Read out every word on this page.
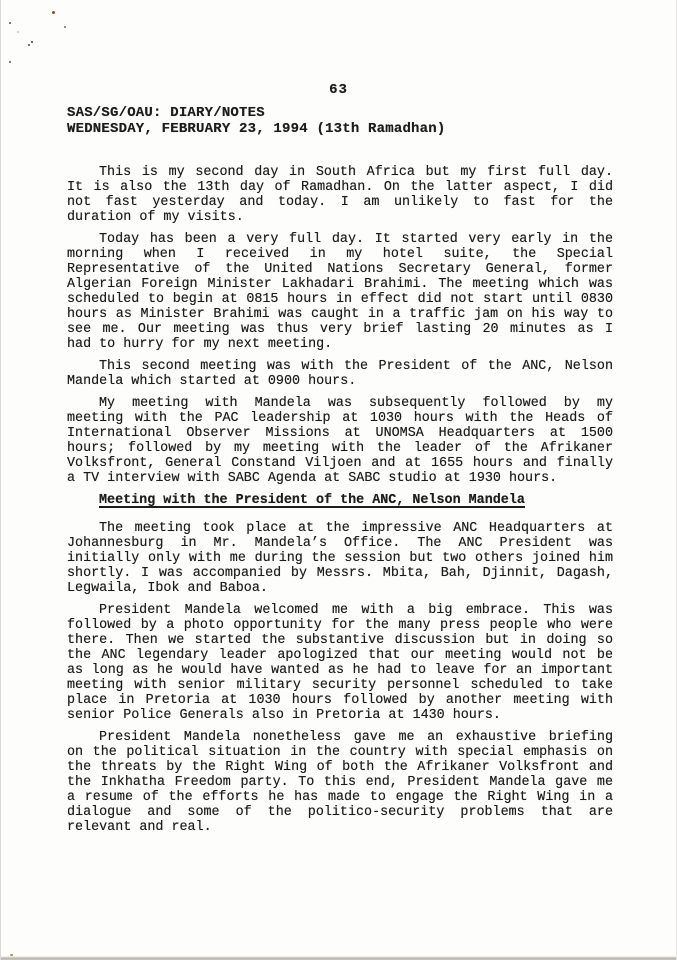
63
SAS/SG/OAU: DIARY/NOTES
WEDNESDAY, FEBRUARY 23, 1994 (13th Ramadhan)
This is my second day in South Africa but my first full day.
It is also the 13th day of Ramadhan. On the latter aspect, I did
not fast yesterday and today. I am unlikely to fast for the
duration of my visits.
Today has been a very full day. It started very early in the
morning when I received in my hotel suite, the Special
Representative of the United Nations Secretary General, former
Algerian Foreign Minister Lakhadari Brahimi. The meeting which was
scheduled to begin at 0815 hours in effect did not start until 0830
hours as Minister Brahimi was caught in a traffic jam on his way to
see me. Our meeting was thus very brief lasting 20 minutes as I
had to hurry for my next meeting.
This second meeting was with the President of the ANC, Nelson
Mandela which started at 0900 hours.
My meeting with Mandela was subsequently followed by my
meeting with the PAC leadership at 1030 hours with the Heads of
International Observer Missions at UNOMSA Headquarters at 1500
hours; followed by my meeting with the leader of the Afrikaner
Volksfront, General Constand Viljoen and at 1655 hours and finally
a TV interview with SABC Agenda at SABC studio at 1930 hours.
Meeting with the President of the ANC, Nelson Mandela
The meeting took place at the impressive ANC Headquarters at
Johannesburg in Mr. Mandela’s Office. The ANC President was
initially only with me during the session but two others joined him
shortly. I was accompanied by Messrs. Mbita, Bah, Djinnit, Dagash,
Legwaila, Ibok and Baboa.
President Mandela welcomed me with a big embrace. This was
followed by a photo opportunity for the many press people who were
there. Then we started the substantive discussion but in doing so
the ANC legendary leader apologized that our meeting would not be
as long as he would have wanted as he had to leave for an important
meeting with senior military security personnel scheduled to take
place in Pretoria at 1030 hours followed by another meeting with
senior Police Generals also in Pretoria at 1430 hours.
President Mandela nonetheless gave me an exhaustive briefing
on the political situation in the country with special emphasis on
the threats by the Right Wing of both the Afrikaner Volksfront and
the Inkhatha Freedom party. To this end, President Mandela gave me
a resume of the efforts he has made to engage the Right Wing in a
dialogue and some of the politico-security problems that are
relevant and real.
